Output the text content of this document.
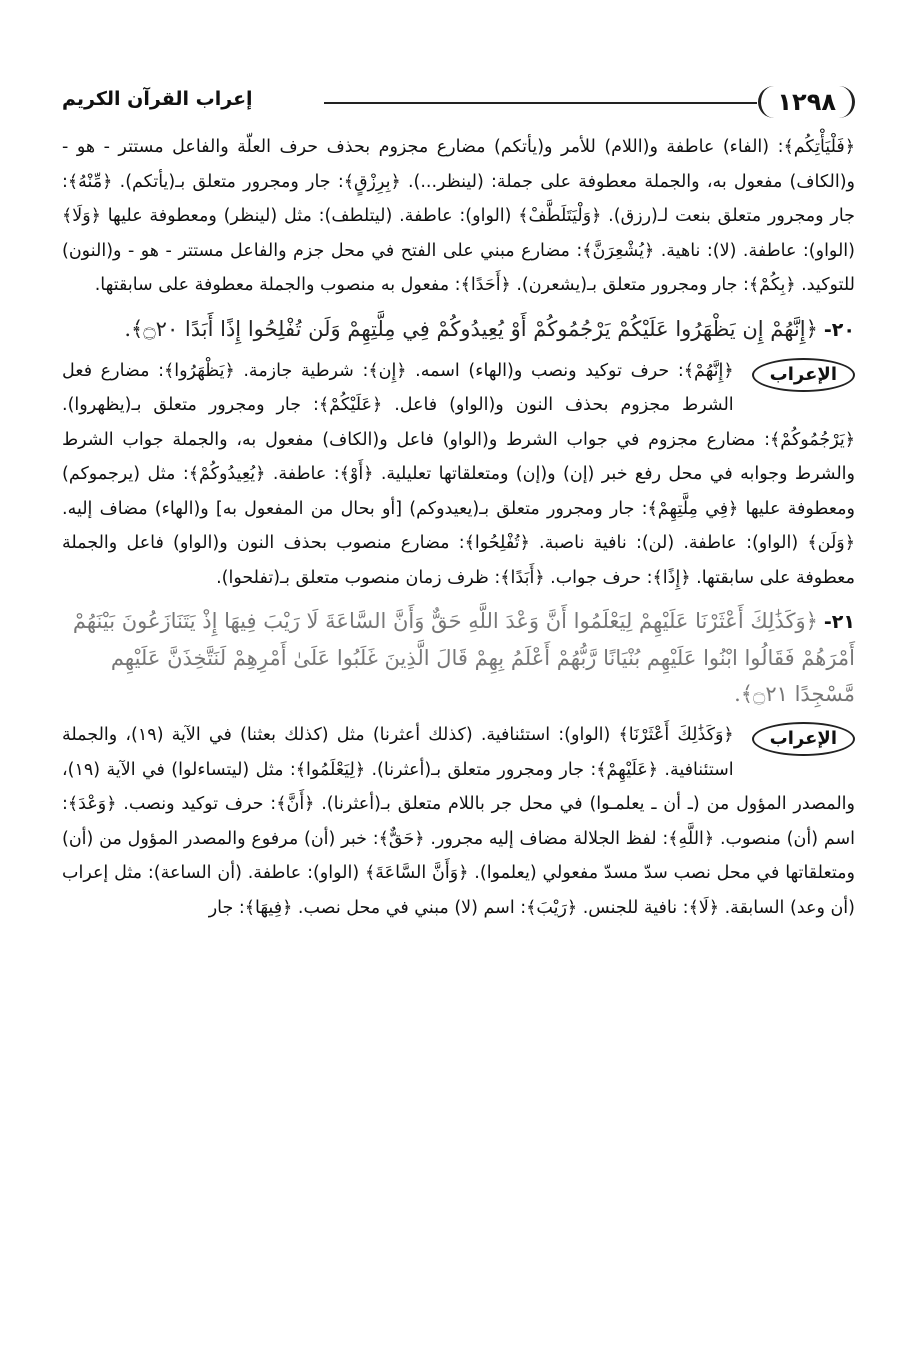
١٢٩٨
إعراب القرآن الكريم

﴿فَلْيَأْتِكُم﴾: (الفاء) عاطفة و(اللام) للأمر و(يأتكم) مضارع مجزوم بحذف حرف العلّة والفاعل مستتر - هو - و(الكاف) مفعول به، والجملة معطوفة على جملة: (لينظر...). ﴿بِرِزْقٍ﴾: جار ومجرور متعلق بـ(يأتكم). ﴿مِّنْهُ﴾: جار ومجرور متعلق بنعت لـ(رزق). ﴿وَلْيَتَلَطَّفْ﴾ (الواو): عاطفة. (ليتلطف): مثل (لينظر) ومعطوفة عليها ﴿وَلَا﴾ (الواو): عاطفة. (لا): ناهية. ﴿يُشْعِرَنَّ﴾: مضارع مبني على الفتح في محل جزم والفاعل مستتر - هو - و(النون) للتوكيد. ﴿بِكُمْ﴾: جار ومجرور متعلق بـ(يشعرن). ﴿أَحَدًا﴾: مفعول به منصوب والجملة معطوفة على سابقتها.

٢٠-﴿إِنَّهُمْ إِن يَظْهَرُوا عَلَيْكُمْ يَرْجُمُوكُمْ أَوْ يُعِيدُوكُمْ فِي مِلَّتِهِمْ وَلَن تُفْلِحُوا إِذًا أَبَدًا ۝٢٠﴾.
الإعراب

﴿إِنَّهُمْ﴾: حرف توكيد ونصب و(الهاء) اسمه. ﴿إِن﴾: شرطية جازمة. ﴿يَظْهَرُوا﴾: مضارع فعل الشرط مجزوم بحذف النون و(الواو) فاعل. ﴿عَلَيْكُمْ﴾: جار ومجرور متعلق بـ(يظهروا). ﴿يَرْجُمُوكُمْ﴾: مضارع مجزوم في جواب الشرط و(الواو) فاعل و(الكاف) مفعول به، والجملة جواب الشرط والشرط وجوابه في محل رفع خبر (إن) و(إن) ومتعلقاتها تعليلية. ﴿أَوْ﴾: عاطفة. ﴿يُعِيدُوكُمْ﴾: مثل (يرجموكم) ومعطوفة عليها ﴿فِي مِلَّتِهِمْ﴾: جار ومجرور متعلق بـ(يعيدوكم) [أو بحال من المفعول به] و(الهاء) مضاف إليه. ﴿وَلَن﴾ (الواو): عاطفة. (لن): نافية ناصبة. ﴿تُفْلِحُوا﴾: مضارع منصوب بحذف النون و(الواو) فاعل والجملة معطوفة على سابقتها. ﴿إِذًا﴾: حرف جواب. ﴿أَبَدًا﴾: ظرف زمان منصوب متعلق بـ(تفلحوا).

٢١-﴿وَكَذَٰلِكَ أَعْثَرْنَا عَلَيْهِمْ لِيَعْلَمُوا أَنَّ وَعْدَ اللَّهِ حَقٌّ وَأَنَّ السَّاعَةَ لَا رَيْبَ فِيهَا إِذْ يَتَنَازَعُونَ بَيْنَهُمْ أَمْرَهُمْ فَقَالُوا ابْنُوا عَلَيْهِم بُنْيَانًا رَّبُّهُمْ أَعْلَمُ بِهِمْ قَالَ الَّذِينَ غَلَبُوا عَلَىٰ أَمْرِهِمْ لَنَتَّخِذَنَّ عَلَيْهِم مَّسْجِدًا ۝٢١﴾.
الإعراب

﴿وَكَذَٰلِكَ أَعْثَرْنَا﴾ (الواو): استئنافية. (كذلك أعثرنا) مثل (كذلك بعثنا) في الآية (١٩)، والجملة استئنافية. ﴿عَلَيْهِمْ﴾: جار ومجرور متعلق بـ(أعثرنا). ﴿لِيَعْلَمُوا﴾: مثل (ليتساءلوا) في الآية (١٩)، والمصدر المؤول من (ـ أن ـ يعلمـوا) في محل جر باللام متعلق بـ(أعثرنا). ﴿أَنَّ﴾: حرف توكيد ونصب. ﴿وَعْدَ﴾: اسم (أن) منصوب. ﴿اللَّهِ﴾: لفظ الجلالة مضاف إليه مجرور. ﴿حَقٌّ﴾: خبر (أن) مرفوع والمصدر المؤول من (أن) ومتعلقاتها في محل نصب سدّ مسدّ مفعولي (يعلموا). ﴿وَأَنَّ السَّاعَةَ﴾ (الواو): عاطفة. (أن الساعة): مثل إعراب (أن وعد) السابقة. ﴿لَا﴾: نافية للجنس. ﴿رَيْبَ﴾: اسم (لا) مبني في محل نصب. ﴿فِيهَا﴾: جار
